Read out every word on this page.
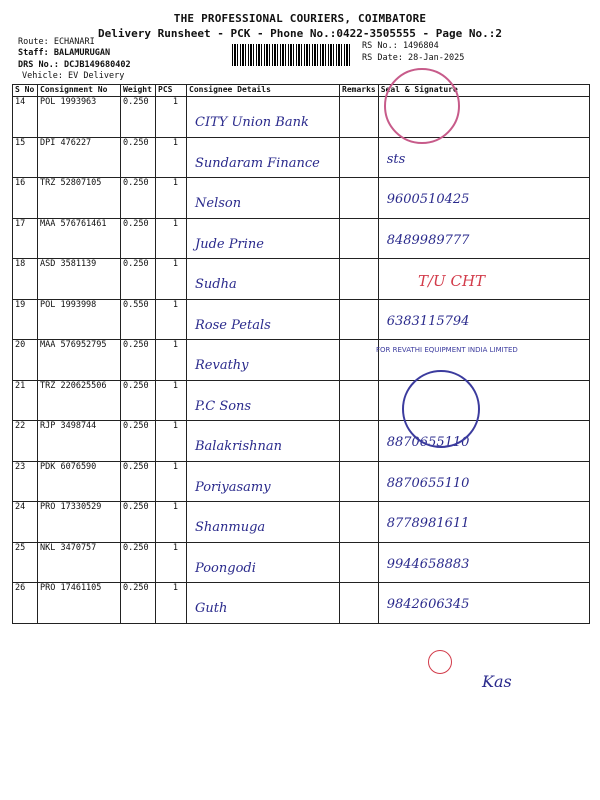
THE PROFESSIONAL COURIERS, COIMBATORE
Delivery Runsheet - PCK - Phone No.:0422-3505555 - Page No.:2
Route: ECHANARI
Staff: BALAMURUGAN
DRS No.: DCJB149680402
Vehicle: EV Delivery
RS No.: 1496804
RS Date: 28-Jan-2025
S No	Consignment No	Weight	PCS	Consignee Details	Remarks	Seal & Signature
14	POL 1993963	0.250	1	CITY Union Bank		
15	DPI 476227	0.250	1	Sundaram Finance		sts
16	TRZ 52807105	0.250	1	Nelson		9600510425
17	MAA 576761461	0.250	1	Jude Prine		8489989777
18	ASD 3581139	0.250	1	Sudha		
19	POL 1993998	0.550	1	Rose Petals		6383115794
20	MAA 576952795	0.250	1	Revathy		
21	TRZ 220625506	0.250	1	P.C Sons		
22	RJP 3498744	0.250	1	Balakrishnan		8870655110
23	PDK 6076590	0.250	1	Poriyasamy		8870655110
24	PRO 17330529	0.250	1	Shanmuga		8778981611
25	NKL 3470757	0.250	1	Poongodi		9944658883
26	PRO 17461105	0.250	1	Guth		9842606345
T/U CHT
FOR REVATHI EQUIPMENT INDIA LIMITED
Kas
